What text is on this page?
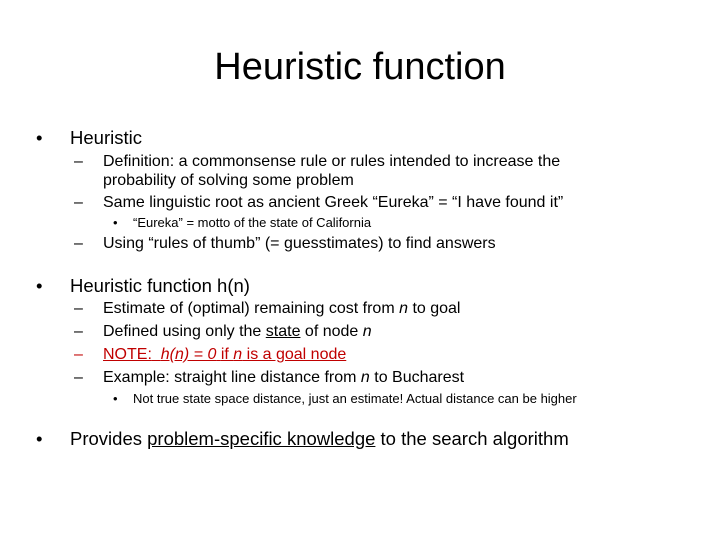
Heuristic function
• Heuristic
– Definition: a commonsense rule or rules intended to increase the
probability of solving some problem
– Same linguistic root as ancient Greek “Eureka” = “I have found it”
• “Eureka” = motto of the state of California
– Using “rules of thumb” (= guesstimates) to find answers
• Heuristic function h(n)
– Estimate of (optimal) remaining cost from n to goal
– Defined using only the state of node n
– NOTE: h(n) = 0 if n is a goal node
– Example: straight line distance from n to Bucharest
• Not true state space distance, just an estimate! Actual distance can be higher
• Provides problem-specific knowledge to the search algorithm
